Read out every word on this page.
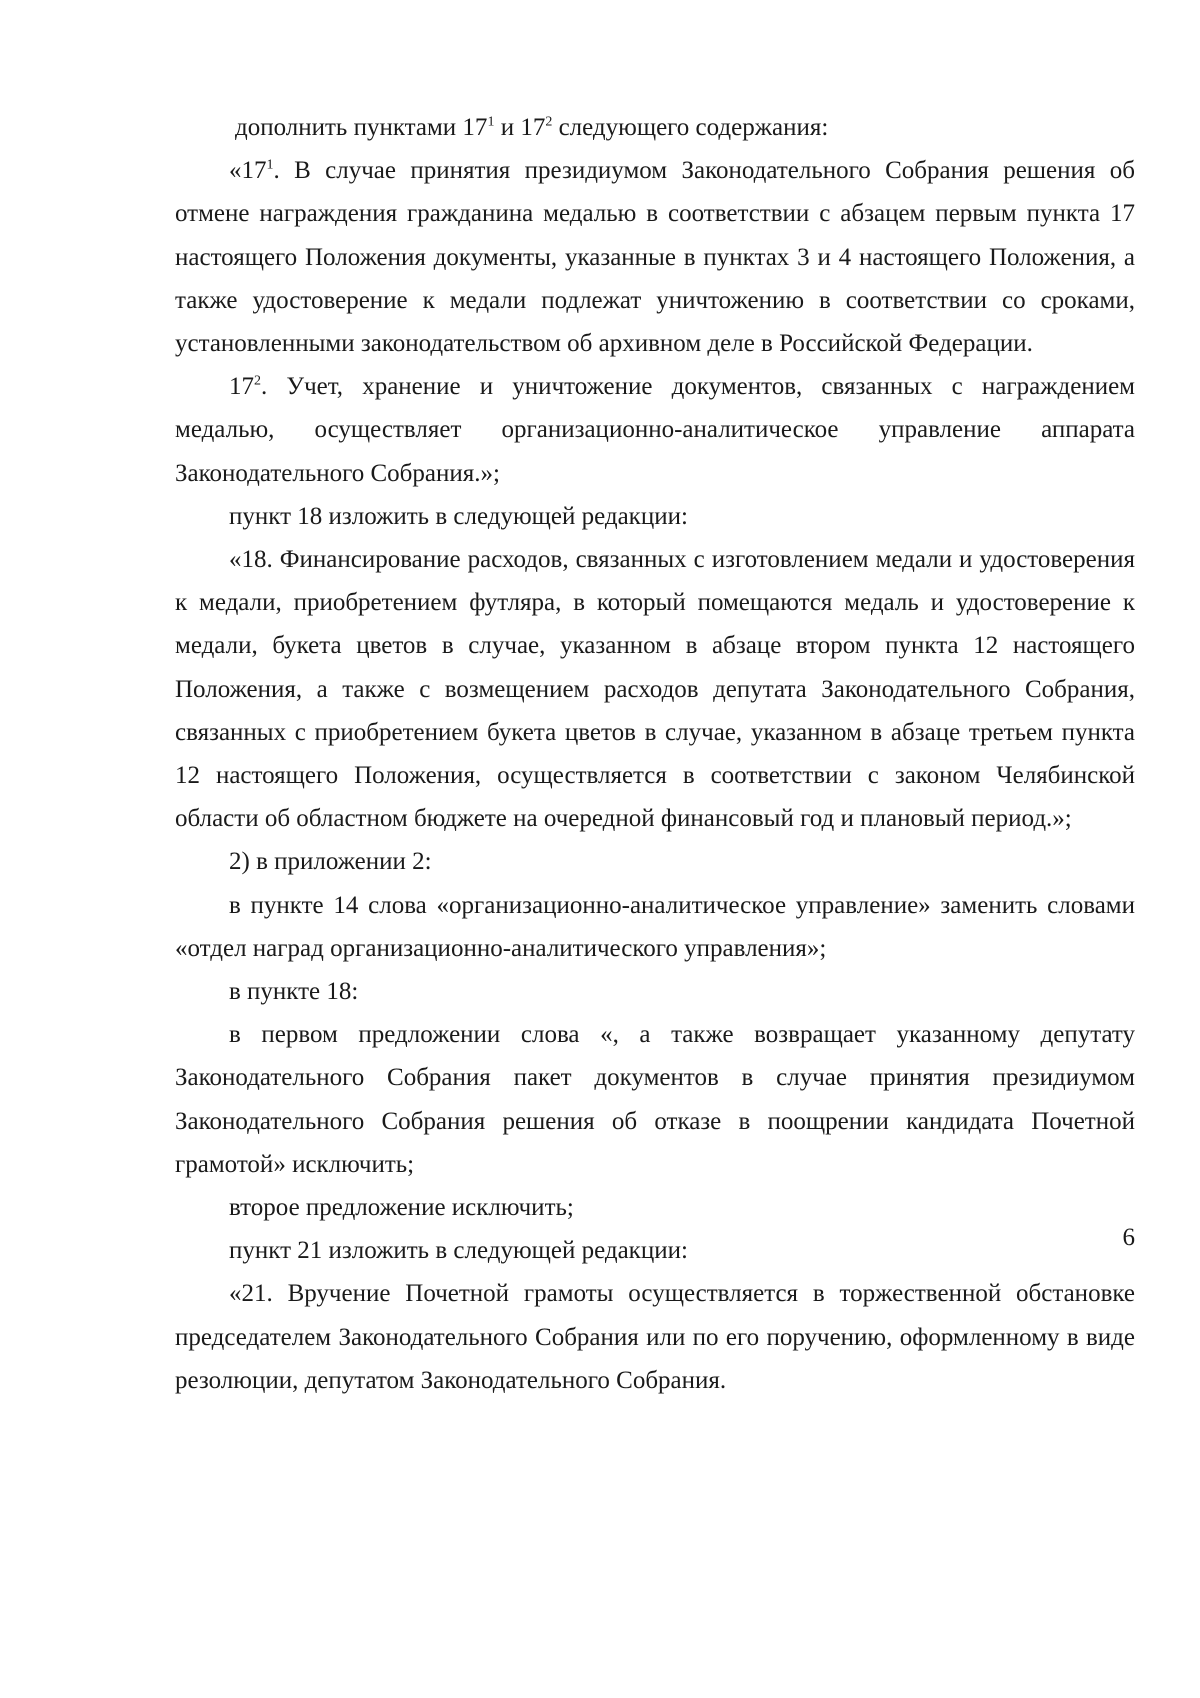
дополнить пунктами $17^1$ и $17^2$ следующего содержания:

«$17^1$. В случае принятия президиумом Законодательного Собрания решения об отмене награждения гражданина медалью в соответствии с абзацем первым пункта 17 настоящего Положения документы, указанные в пунктах 3 и 4 настоящего Положения, а также удостоверение к медали подлежат уничтожению в соответствии со сроками, установленными законодательством об архивном деле в Российской Федерации.

$17^2$. Учет, хранение и уничтожение документов, связанных с награждением медалью, осуществляет организационно-аналитическое управление аппарата Законодательного Собрания.»;

пункт 18 изложить в следующей редакции:

«18. Финансирование расходов, связанных с изготовлением медали и удостоверения к медали, приобретением футляра, в который помещаются медаль и удостоверение к медали, букета цветов в случае, указанном в абзаце втором пункта 12 настоящего Положения, а также с возмещением расходов депутата Законодательного Собрания, связанных с приобретением букета цветов в случае, указанном в абзаце третьем пункта 12 настоящего Положения, осуществляется в соответствии с законом Челябинской области об областном бюджете на очередной финансовый год и плановый период.»;

2) в приложении 2:

в пункте 14 слова «организационно-аналитическое управление» заменить словами «отдел наград организационно-аналитического управления»;

в пункте 18:

в первом предложении слова «, а также возвращает указанному депутату Законодательного Собрания пакет документов в случае принятия президиумом Законодательного Собрания решения об отказе в поощрении кандидата Почетной грамотой» исключить;

второе предложение исключить;

пункт 21 изложить в следующей редакции:

«21. Вручение Почетной грамоты осуществляется в торжественной обстановке председателем Законодательного Собрания или по его поручению, оформленному в виде резолюции, депутатом Законодательного Собрания.

6
